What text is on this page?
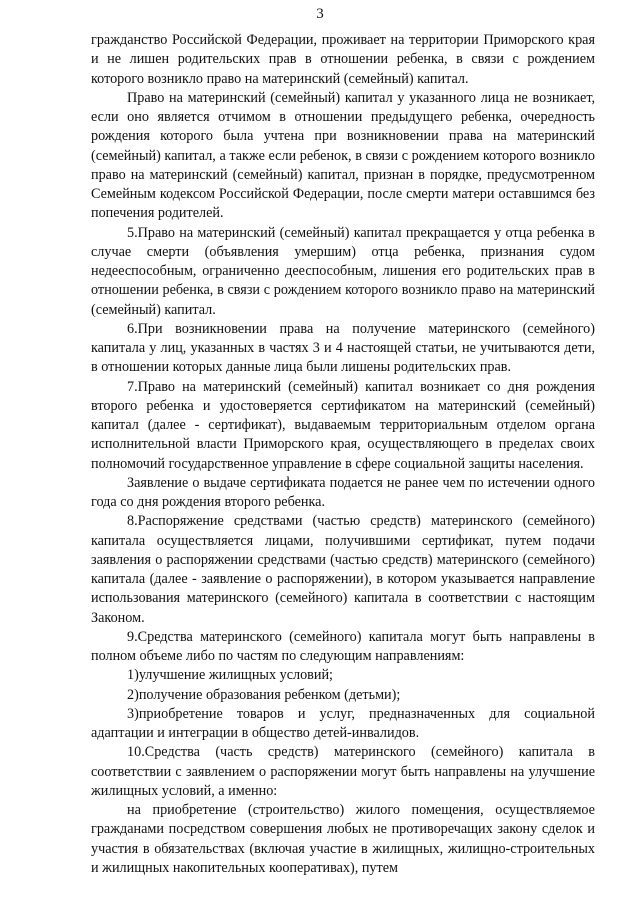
3

гражданство Российской Федерации, проживает на территории Приморского края и не лишен родительских прав в отношении ребенка, в связи с рождением которого возникло право на материнский (семейный) капитал.

Право на материнский (семейный) капитал у указанного лица не возникает, если оно является отчимом в отношении предыдущего ребенка, очередность рождения которого была учтена при возникновении права на материнский (семейный) капитал, а также если ребенок, в связи с рождением которого возникло право на материнский (семейный) капитал, признан в порядке, предусмотренном Семейным кодексом Российской Федерации, после смерти матери оставшимся без попечения родителей.

5.Право на материнский (семейный) капитал прекращается у отца ребенка в случае смерти (объявления умершим) отца ребенка, признания судом недееспособным, ограниченно дееспособным, лишения его родительских прав в отношении ребенка, в связи с рождением которого возникло право на материнский (семейный) капитал.

6.При возникновении права на получение материнского (семейного) капитала у лиц, указанных в частях 3 и 4 настоящей статьи, не учитываются дети, в отношении которых данные лица были лишены родительских прав.

7.Право на материнский (семейный) капитал возникает со дня рождения второго ребенка и удостоверяется сертификатом на материнский (семейный) капитал (далее - сертификат), выдаваемым территориальным отделом органа исполнительной власти Приморского края, осуществляющего в пределах своих полномочий государственное управление в сфере социальной защиты населения.

Заявление о выдаче сертификата подается не ранее чем по истечении одного года со дня рождения второго ребенка.

8.Распоряжение средствами (частью средств) материнского (семейного) капитала осуществляется лицами, получившими сертификат, путем подачи заявления о распоряжении средствами (частью средств) материнского (семейного) капитала (далее - заявление о распоряжении), в котором указывается направление использования материнского (семейного) капитала в соответствии с настоящим Законом.

9.Средства материнского (семейного) капитала могут быть направлены в полном объеме либо по частям по следующим направлениям:

1)улучшение жилищных условий;

2)получение образования ребенком (детьми);

3)приобретение товаров и услуг, предназначенных для социальной адаптации и интеграции в общество детей-инвалидов.

10.Средства (часть средств) материнского (семейного) капитала в соответствии с заявлением о распоряжении могут быть направлены на улучшение жилищных условий, а именно:

на приобретение (строительство) жилого помещения, осуществляемое гражданами посредством совершения любых не противоречащих закону сделок и участия в обязательствах (включая участие в жилищных, жилищно-строительных и жилищных накопительных кооперативах), путем
